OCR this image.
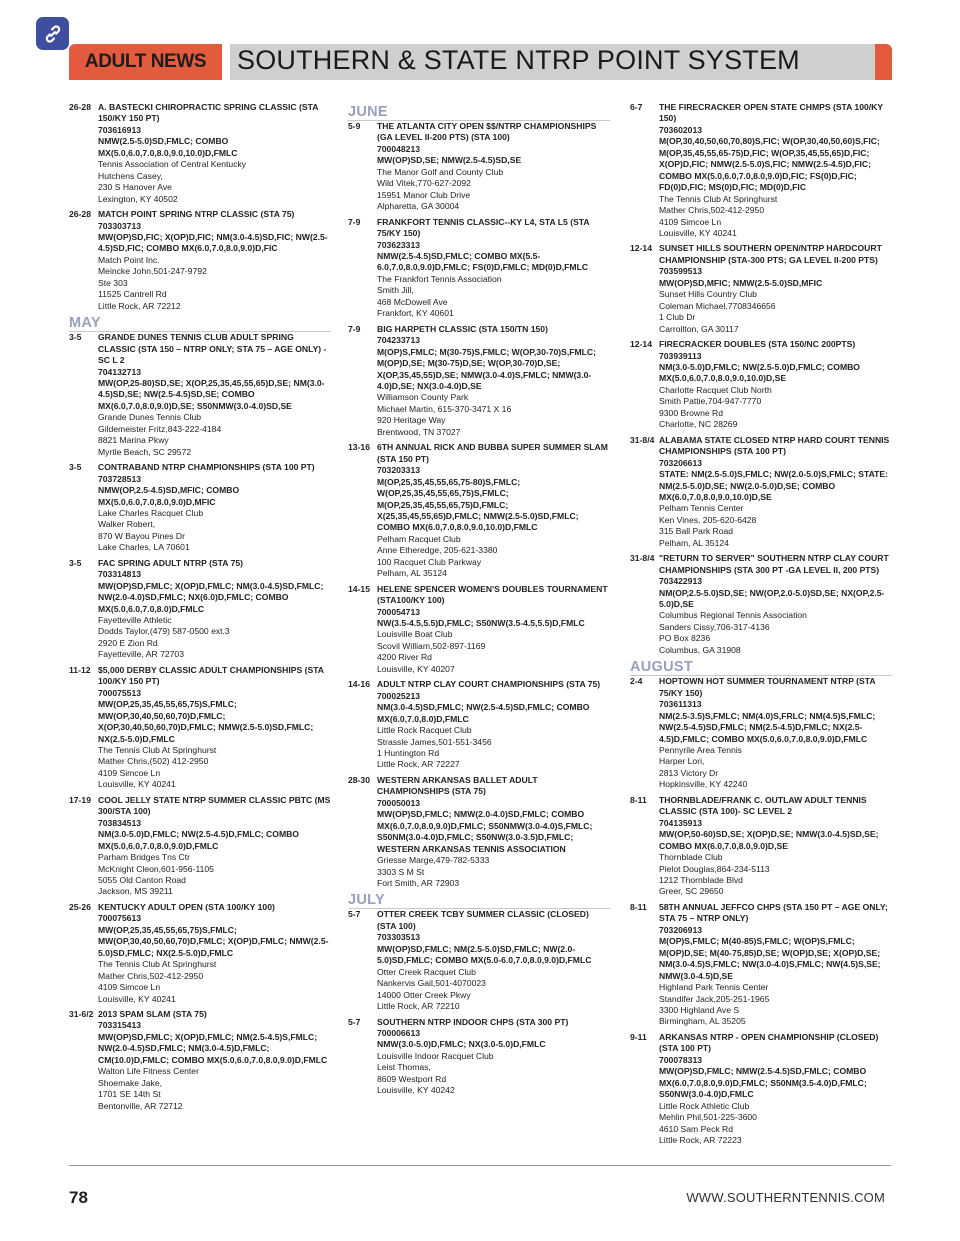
ADULT NEWS	SOUTHERN & STATE NTRP POINT SYSTEM
26-28 A. BASTECKI CHIROPRACTIC SPRING CLASSIC (STA 150/KY 150 PT)
703616913
NMW(2.5-5.0)SD,FMLC; COMBO MX(5.0,6.0,7.0,8.0,9.0,10.0)D,FMLC
Tennis Association of Central Kentucky
Hutchens Casey,
230 S Hanover Ave
Lexington, KY 40502
26-28 MATCH POINT SPRING NTRP CLASSIC (STA 75)
703303713
MW(OP)SD,FIC; X(OP)D,FIC; NM(3.0-4.5)SD,FIC; NW(2.5-4.5)SD,FIC; COMBO MX(6.0,7.0,8.0,9.0)D,FIC
Match Point Inc.
Meincke John,501-247-9792
Ste 303
11525 Cantrell Rd
Little Rock, AR 72212
MAY
3-5	GRANDE DUNES TENNIS CLUB ADULT SPRING CLASSIC (STA 150 – NTRP ONLY; STA 75 – AGE ONLY) - SC L 2
704132713
MW(OP,25-80)SD,SE; X(OP,25,35,45,55,65)D,SE; NM(3.0-4.5)SD,SE; NW(2.5-4.5)SD,SE; COMBO MX(6.0,7.0,8.0,9.0)D,SE; S50NMW(3.0-4.0)SD,SE
Grande Dunes Tennis Club
Gildemeister Fritz,843-222-4184
8821 Marina Pkwy
Myrtle Beach, SC 29572
3-5	CONTRABAND NTRP CHAMPIONSHIPS (STA 100 PT)
703728513
NMW(OP,2.5-4.5)SD,MFIC; COMBO MX(5.0,6.0,7.0,8.0,9.0)D,MFIC
Lake Charles Racquet Club
Walker Robert,
870 W Bayou Pines Dr
Lake Charles, LA 70601
3-5	FAC SPRING ADULT NTRP (STA 75)
703314813
MW(OP)SD,FMLC; X(OP)D,FMLC; NM(3.0-4.5)SD,FMLC; NW(2.0-4.0)SD,FMLC; NX(6.0)D,FMLC; COMBO MX(5.0,6.0,7.0,8.0)D,FMLC
Fayetteville Athletic
Dodds Taylor,(479) 587-0500 ext.3
2920 E Zion Rd
Fayetteville, AR 72703
11-12 $5,000 DERBY CLASSIC ADULT CHAMPIONSHIPS (STA 100/KY 150 PT)
700075513
MW(OP,25,35,45,55,65,75)S,FMLC; MW(OP,30,40,50,60,70)D,FMLC; X(OP,30,40,50,60,70)D,FMLC; NMW(2.5-5.0)SD,FMLC; NX(2.5-5.0)D,FMLC
The Tennis Club At Springhurst
Mather Chris,(502) 412-2950
4109 Simcoe Ln
Louisville, KY 40241
17-19 COOL JELLY STATE NTRP SUMMER CLASSIC PBTC (MS 300/STA 100)
703834513
NM(3.0-5.0)D,FMLC; NW(2.5-4.5)D,FMLC; COMBO MX(5.0,6.0,7.0,8.0,9.0)D,FMLC
Parham Bridges Tns Ctr
McKnight Cleon,601-956-1105
5055 Old Canton Road
Jackson, MS 39211
25-26 KENTUCKY ADULT OPEN (STA 100/KY 100)
700075613
MW(OP,25,35,45,55,65,75)S,FMLC; MW(OP,30,40,50,60,70)D,FMLC; X(OP)D,FMLC; NMW(2.5-5.0)SD,FMLC; NX(2.5-5.0)D,FMLC
The Tennis Club At Springhurst
Mather Chris,502-412-2950
4109 Simcoe Ln
Louisville, KY 40241
31-6/2 2013 SPAM SLAM (STA 75)
703315413
MW(OP)SD,FMLC; X(OP)D,FMLC; NM(2.5-4.5)S,FMLC; NW(2.0-4.5)SD,FMLC; NM(3.0-4.5)D,FMLC; CM(10.0)D,FMLC; COMBO MX(5.0,6.0,7.0,8.0,9.0)D,FMLC
Walton Life Fitness Center
Shoemake Jake,
1701 SE 14th St
Bentonville, AR 72712
JUNE
5-9	THE ATLANTA CITY OPEN $$/NTRP CHAMPIONSHIPS (GA LEVEL II-200 PTS) (STA 100)
700048213
MW(OP)SD,SE; NMW(2.5-4.5)SD,SE
The Manor Golf and County Club
Wild Vitek,770-627-2092
15951 Manor Club Drive
Alpharetta, GA 30004
7-9	FRANKFORT TENNIS CLASSIC--KY L4, STA L5 (STA 75/KY 150)
703623313
NMW(2.5-4.5)SD,FMLC; COMBO MX(5.5-6.0,7.0,8.0,9.0)D,FMLC; FS(0)D,FMLC; MD(0)D,FMLC
The Frankfort Tennis Association
Smith Jill,
468 McDowell Ave
Frankfort, KY 40601
7-9	BIG HARPETH CLASSIC (STA 150/TN 150)
704233713
M(OP)S,FMLC; M(30-75)S,FMLC; W(OP,30-70)S,FMLC; M(OP)D,SE; M(30-75)D,SE; W(OP,30-70)D,SE; X(OP,35,45,55)D,SE; NMW(3.0-4.0)S,FMLC; NMW(3.0-4.0)D,SE; NX(3.0-4.0)D,SE
Williamson County Park
Michael Martin, 615-370-3471 X 16
920 Heritage Way
Brentwood, TN 37027
13-16 6TH ANNUAL RICK AND BUBBA SUPER SUMMER SLAM (STA 150 PT)
703203313
M(OP,25,35,45,55,65,75-80)S,FMLC; W(OP,25,35,45,55,65,75)S,FMLC; M(OP,25,35,45,55,65,75)D,FMLC; X(25,35,45,55,65)D,FMLC; NMW(2.5-5.0)SD,FMLC; COMBO MX(6.0,7.0,8.0,9.0,10.0)D,FMLC
Pelham Racquet Club
Anne Etheredge, 205-621-3380
100 Racquet Club Parkway
Pelham, AL 35124
14-15 HELENE SPENCER WOMEN'S DOUBLES TOURNAMENT (STA100/KY 100)
700054713
NW(3.5-4.5,5.5)D,FMLC; S50NW(3.5-4.5,5.5)D,FMLC
Louisville Boat Club
Scovil William,502-897-1169
4200 River Rd
Louisville, KY 40207
14-16 ADULT NTRP CLAY COURT CHAMPIONSHIPS (STA 75)
700025213
NM(3.0-4.5)SD,FMLC; NW(2.5-4.5)SD,FMLC; COMBO MX(6.0,7.0,8.0)D,FMLC
Little Rock Racquet Club
Strassle James,501-551-3456
1 Huntington Rd
Little Rock, AR 72227
28-30 WESTERN ARKANSAS BALLET ADULT CHAMPIONSHIPS (STA 75)
700050013
MW(OP)SD,FMLC; NMW(2.0-4.0)SD,FMLC; COMBO MX(6.0,7.0,8.0,9.0)D,FMLC; S50NMW(3.0-4.0)S,FMLC; S50NM(3.0-4.0)D,FMLC; S50NW(3.0-3.5)D,FMLC; WESTERN ARKANSAS TENNIS ASSOCIATION
Griesse Marge,479-782-5333
3303 S M St
Fort Smith, AR 72903
JULY
5-7	OTTER CREEK TCBY SUMMER CLASSIC (CLOSED) (STA 100)
703303513
MW(OP)SD,FMLC; NM(2.5-5.0)SD,FMLC; NW(2.0-5.0)SD,FMLC; COMBO MX(5.0-6.0,7.0,8.0,9.0)D,FMLC
Otter Creek Racquet Club
Nankervis Gail,501-4070023
14000 Otter Creek Pkwy
Little Rock, AR 72210
5-7	SOUTHERN NTRP INDOOR CHPS (STA 300 PT)
700006613
NMW(3.0-5.0)D,FMLC; NX(3.0-5.0)D,FMLC
Louisville Indoor Racquet Club
Leist Thomas,
8609 Westport Rd
Louisville, KY 40242
6-7	THE FIRECRACKER OPEN STATE CHMPS (STA 100/KY 150)
703602013
M(OP,30,40,50,60,70,80)S,FIC; W(OP,30,40,50,60)S,FIC; M(OP,35,45,55,65-75)D,FIC; W(OP,35,45,55,65)D,FIC; X(OP)D,FIC; NMW(2.5-5.0)S,FIC; NMW(2.5-4.5)D,FIC; COMBO MX(5.0,6.0,7.0,8.0,9.0)D,FIC; FS(0)D,FIC; FD(0)D,FIC; MS(0)D,FIC; MD(0)D,FIC
The Tennis Club At Springhurst
Mather Chris,502-412-2950
4109 Simcoe Ln
Louisville, KY 40241
12-14 SUNSET HILLS SOUTHERN OPEN/NTRP HARDCOURT CHAMPIONSHIP (STA-300 PTS; GA LEVEL II-200 PTS)
703599513
MW(OP)SD,MFIC; NMW(2.5-5.0)SD,MFIC
Sunset Hills Country Club
Coleman Michael,7708346656
1 Club Dr
Carrollton, GA 30117
12-14 FIRECRACKER DOUBLES (STA 150/NC 200PTS)
703939113
NM(3.0-5.0)D,FMLC; NW(2.5-5.0)D,FMLC; COMBO MX(5.0,6.0,7.0,8.0,9.0,10.0)D,SE
Charlotte Racquet Club North
Smith Pattie,704-947-7770
9300 Browne Rd
Charlotte, NC 28269
31-8/4 ALABAMA STATE CLOSED NTRP HARD COURT TENNIS CHAMPIONSHIPS (STA 100 PT)
703206613
STATE: NM(2.5-5.0)S,FMLC; NW(2.0-5.0)S,FMLC; STATE: NM(2.5-5.0)D,SE; NW(2.0-5.0)D,SE; COMBO MX(6.0,7.0,8.0,9.0,10.0)D,SE
Pelham Tennis Center
Ken Vines, 205-620-6428
315 Ball Park Road
Pelham, AL 35124
31-8/4 "RETURN TO SERVER" SOUTHERN NTRP CLAY COURT CHAMPIONSHIPS (STA 300 PT -GA LEVEL II, 200 PTS)
703422913
NM(OP,2.5-5.0)SD,SE; NW(OP,2.0-5.0)SD,SE; NX(OP,2.5-5.0)D,SE
Columbus Regional Tennis Association
Sanders Cissy,706-317-4136
PO Box 8236
Columbus, GA 31908
AUGUST
2-4	HOPTOWN HOT SUMMER TOURNAMENT NTRP (STA 75/KY 150)
703611313
NM(2.5-3.5)S,FMLC; NM(4.0)S,FRLC; NM(4.5)S,FMLC; NW(2.5-4.5)SD,FMLC; NM(2.5-4.5)D,FMLC; NX(2.5-4.5)D,FMLC; COMBO MX(5.0,6.0,7.0,8.0,9.0)D,FMLC
Pennyrile Area Tennis
Harper Lori,
2813 Victory Dr
Hopkinsville, KY 42240
8-11	THORNBLADE/FRANK C. OUTLAW ADULT TENNIS CLASSIC (STA 100)- SC LEVEL 2
704135913
MW(OP,50-60)SD,SE; X(OP)D,SE; NMW(3.0-4.5)SD,SE; COMBO MX(6.0,7.0,8.0,9.0)D,SE
Thornblade Club
Pielot Douglas,864-234-5113
1212 Thornblade Blvd
Greer, SC 29650
8-11	58TH ANNUAL JEFFCO CHPS (STA 150 PT – AGE ONLY; STA 75 – NTRP ONLY)
703206913
M(OP)S,FMLC; M(40-85)S,FMLC; W(OP)S,FMLC; M(OP)D,SE; M(40-75,85)D,SE; W(OP)D,SE; X(OP)D,SE; NM(3.0-4.5)S,FMLC; NW(3.0-4.0)S,FMLC; NW(4.5)S,SE; NMW(3.0-4.5)D,SE
Highland Park Tennis Center
Standifer Jack,205-251-1965
3300 Highland Ave S
Birmingham, AL 35205
9-11	ARKANSAS NTRP - OPEN CHAMPIONSHIP (CLOSED) (STA 100 PT)
700078313
MW(OP)SD,FMLC; NMW(2.5-4.5)SD,FMLC; COMBO MX(6.0,7.0,8.0,9.0)D,FMLC; S50NM(3.5-4.0)D,FMLC; S50NW(3.0-4.0)D,FMLC
Little Rock Athletic Club
Mehlin Phil,501-225-3600
4610 Sam Peck Rd
Little Rock, AR 72223
78	WWW.SOUTHERNTENNIS.COM
